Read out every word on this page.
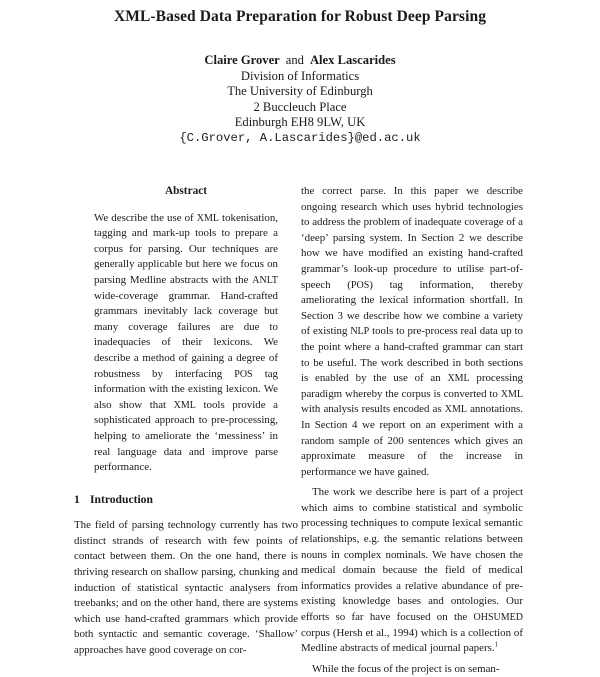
XML-Based Data Preparation for Robust Deep Parsing
Claire Grover and Alex Lascarides
Division of Informatics
The University of Edinburgh
2 Buccleuch Place
Edinburgh EH8 9LW, UK
{C.Grover, A.Lascarides}@ed.ac.uk
Abstract

We describe the use of XML tokenisation, tagging and mark-up tools to prepare a corpus for parsing. Our techniques are generally applicable but here we focus on parsing Medline abstracts with the ANLT wide-coverage grammar. Hand-crafted grammars inevitably lack coverage but many coverage failures are due to inadequacies of their lexicons. We describe a method of gaining a degree of robustness by interfacing POS tag information with the existing lexicon. We also show that XML tools provide a sophisticated approach to pre-processing, helping to ameliorate the ‘messiness’ in real language data and improve parse performance.

1 Introduction

The field of parsing technology currently has two distinct strands of research with few points of contact between them. On the one hand, there is thriving research on shallow parsing, chunking and induction of statistical syntactic analysers from treebanks; and on the other hand, there are systems which use hand-crafted grammars which provide both syntactic and semantic coverage. ‘Shallow’ approaches have good coverage on cor-

the correct parse. In this paper we describe ongoing research which uses hybrid technologies to address the problem of inadequate coverage of a ‘deep’ parsing system. In Section 2 we describe how we have modified an existing hand-crafted grammar’s look-up procedure to utilise part-of-speech (POS) tag information, thereby ameliorating the lexical information shortfall. In Section 3 we describe how we combine a variety of existing NLP tools to pre-process real data up to the point where a hand-crafted grammar can start to be useful. The work described in both sections is enabled by the use of an XML processing paradigm whereby the corpus is converted to XML with analysis results encoded as XML annotations. In Section 4 we report on an experiment with a random sample of 200 sentences which gives an approximate measure of the increase in performance we have gained.

The work we describe here is part of a project which aims to combine statistical and symbolic processing techniques to compute lexical semantic relationships, e.g. the semantic relations between nouns in complex nominals. We have chosen the medical domain because the field of medical informatics provides a relative abundance of pre-existing knowledge bases and ontologies. Our efforts so far have focused on the OHSUMED corpus (Hersh et al., 1994) which is a collection of Medline abstracts of medical journal papers.$^1$

While the focus of the project is on seman-
